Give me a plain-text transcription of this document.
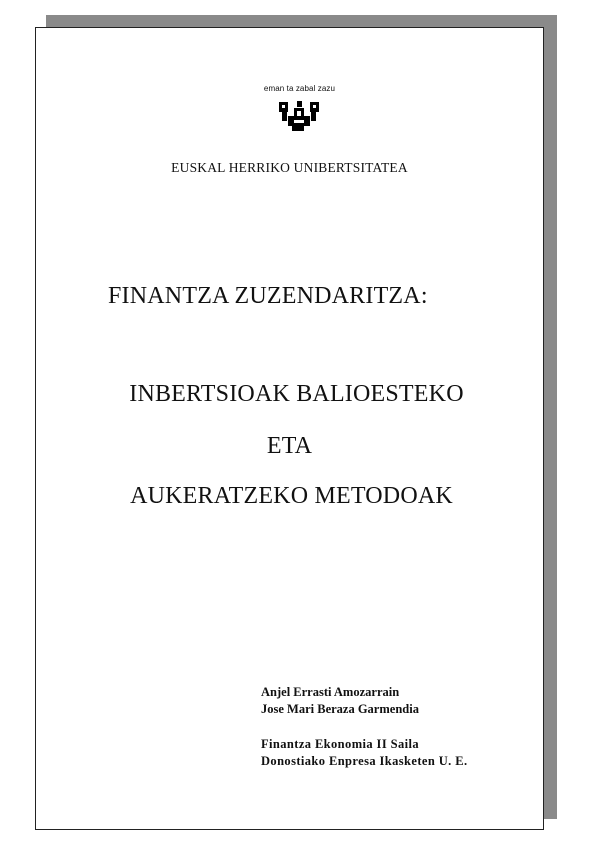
eman ta zabal zazu
EUSKAL HERRIKO UNIBERTSITATEA
FINANTZA ZUZENDARITZA:
INBERTSIOAK BALIOESTEKO
ETA
AUKERATZEKO METODOAK
Anjel Errasti Amozarrain
Jose Mari Beraza Garmendia
Finantza Ekonomia II Saila
Donostiako Enpresa Ikasketen U. E.
